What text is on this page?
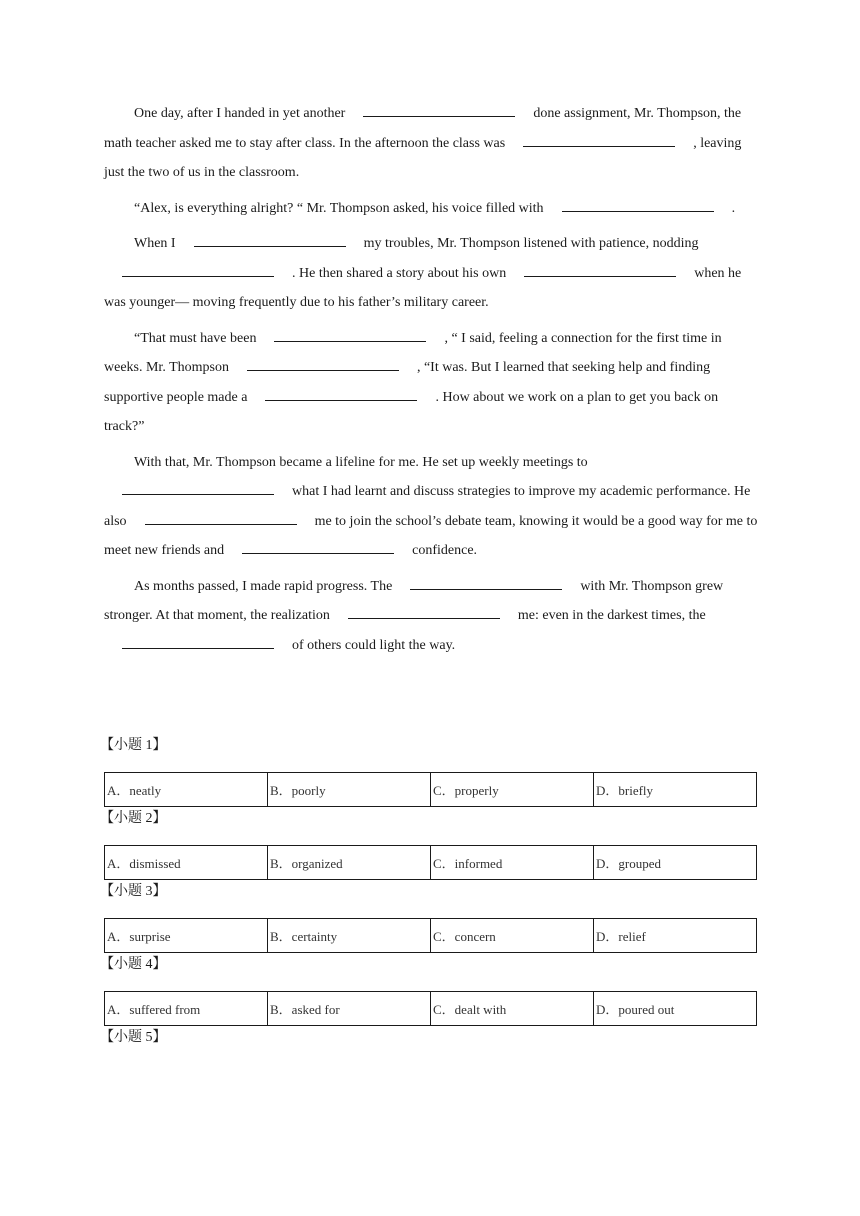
One day, after I handed in yet another	done assignment, Mr. Thompson, the math teacher asked me to stay after class. In the afternoon the class was	, leaving just the two of us in the classroom.

“Alex, is everything alright? “ Mr. Thompson asked, his voice filled with	.

When I	my troubles, Mr. Thompson listened with patience, nodding. He then shared a story about his own	when he was younger— moving frequently due to his father’s military career.

“That must have been	, “ I said, feeling a connection for the first time in weeks. Mr. Thompson	, “It was. But I learned that seeking help and finding supportive people made a	. How about we work on a plan to get you back on track?”

With that, Mr. Thompson became a lifeline for me. He set up weekly meetings towhat I had learnt and discuss strategies to improve my academic performance. He also	me to join the school’s debate team, knowing it would be a good way for me to meet new friends and	confidence.

As months passed, I made rapid progress. The	with Mr. Thompson grew stronger. At that moment, the realization	me: even in the darkest times, theof others could light the way.

【小题 1】
A．neatly	B．poorly	C．properly	D．briefly
【小题 2】
A．dismissed	B．organized	C．informed	D．grouped
【小题 3】
A．surprise	B．certainty	C．concern	D．relief
【小题 4】
A．suffered from	B．asked for	C．dealt with	D．poured out
【小题 5】
